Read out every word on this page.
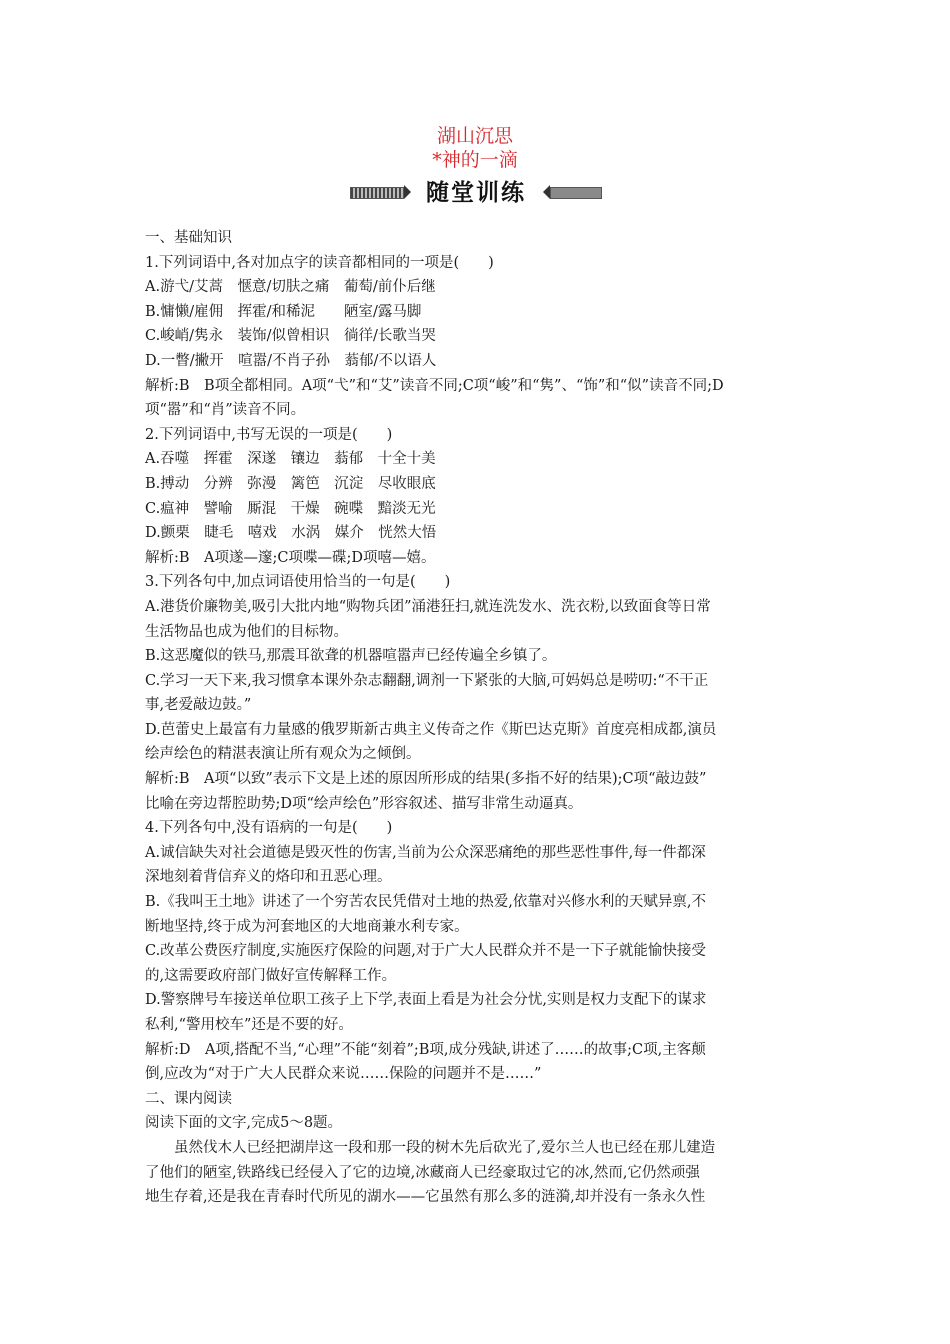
湖山沉思
*神的一滴
随堂训练

一、基础知识

1.下列词语中,各对加点字的读音都相同的一项是(　　)

A.游弋/艾蒿　惬意/切肤之痛　葡萄/前仆后继

B.慵懒/雇佣　挥霍/和稀泥　　陋室/露马脚

C.峻峭/隽永　装饰/似曾相识　徜徉/长歌当哭

D.一瞥/撇开　喧嚣/不肖子孙　蓊郁/不以语人

解析:B　B项全都相同。A项“弋”和“艾”读音不同;C项“峻”和“隽”、“饰”和“似”读音不同;D

项“嚣”和“肖”读音不同。

2.下列词语中,书写无误的一项是(　　)

A.吞噬　挥霍　深遂　镶边　蓊郁　十全十美

B.搏动　分辨　弥漫　篱笆　沉淀　尽收眼底

C.瘟神　譬喻　厮混　干燥　碗喋　黯淡无光

D.颤栗　睫毛　嘻戏　水涡　媒介　恍然大悟

解析:B　A项遂—邃;C项喋—碟;D项嘻—嬉。

3.下列各句中,加点词语使用恰当的一句是(　　)

A.港货价廉物美,吸引大批内地“购物兵团”涌港狂扫,就连洗发水、洗衣粉,以致面食等日常

生活物品也成为他们的目标物。

B.这恶魔似的铁马,那震耳欲聋的机器喧嚣声已经传遍全乡镇了。

C.学习一天下来,我习惯拿本课外杂志翻翻,调剂一下紧张的大脑,可妈妈总是唠叨:“不干正

事,老爱敲边鼓。”

D.芭蕾史上最富有力量感的俄罗斯新古典主义传奇之作《斯巴达克斯》首度亮相成都,演员

绘声绘色的精湛表演让所有观众为之倾倒。

解析:B　A项“以致”表示下文是上述的原因所形成的结果(多指不好的结果);C项“敲边鼓”

比喻在旁边帮腔助势;D项“绘声绘色”形容叙述、描写非常生动逼真。

4.下列各句中,没有语病的一句是(　　)

A.诚信缺失对社会道德是毁灭性的伤害,当前为公众深恶痛绝的那些恶性事件,每一件都深

深地刻着背信弃义的烙印和丑恶心理。

B.《我叫王土地》讲述了一个穷苦农民凭借对土地的热爱,依靠对兴修水利的天赋异禀,不

断地坚持,终于成为河套地区的大地商兼水利专家。

C.改革公费医疗制度,实施医疗保险的问题,对于广大人民群众并不是一下子就能愉快接受

的,这需要政府部门做好宣传解释工作。

D.警察牌号车接送单位职工孩子上下学,表面上看是为社会分忧,实则是权力支配下的谋求

私利,“警用校车”还是不要的好。

解析:D　A项,搭配不当,“心理”不能“刻着”;B项,成分残缺,讲述了……的故事;C项,主客颠

倒,应改为“对于广大人民群众来说……保险的问题并不是……”

二、课内阅读

阅读下面的文字,完成5～8题。

虽然伐木人已经把湖岸这一段和那一段的树木先后砍光了,爱尔兰人也已经在那儿建造

了他们的陋室,铁路线已经侵入了它的边境,冰藏商人已经豪取过它的冰,然而,它仍然顽强

地生存着,还是我在青春时代所见的湖水——它虽然有那么多的涟漪,却并没有一条永久性
